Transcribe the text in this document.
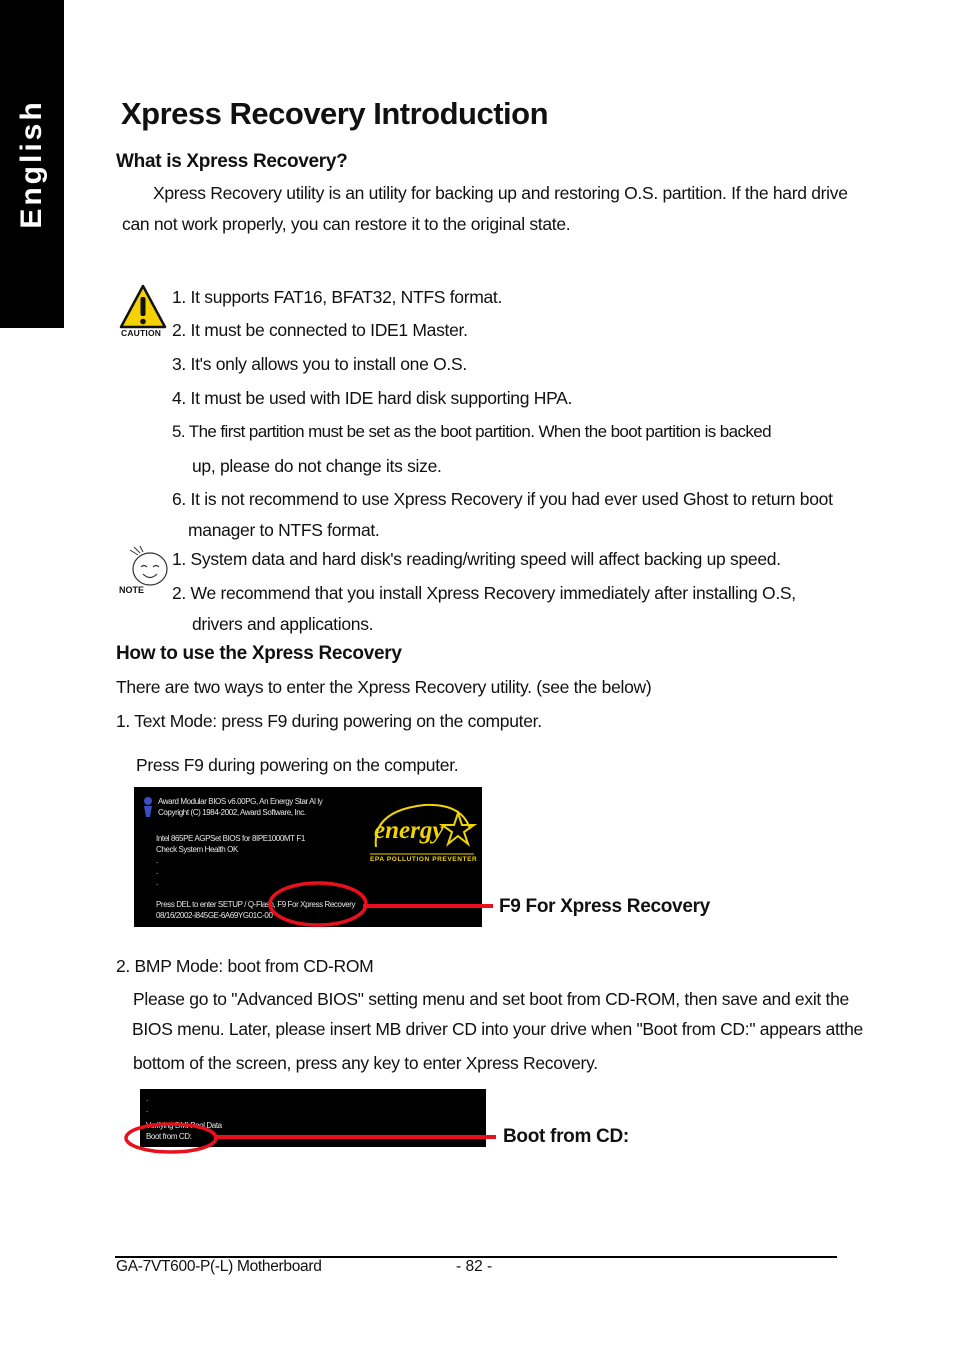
English Xpress Recovery Introduction
What is Xpress Recovery?
Xpress Recovery utility is an utility for backing up and restoring O.S. partition. If the hard drive
can not work properly, you can restore it to the original state.
CAUTION
1. It supports FAT16, BFAT32, NTFS format.
2. It must be connected to IDE1 Master.
3. It's only allows you to install one O.S.
4. It must be used with IDE hard disk supporting HPA.
5. The first partition must be set as the boot partition. When the boot partition is backed
up, please do not change its size.
6. It is not recommend to use Xpress Recovery if you had ever used Ghost to return boot
manager to NTFS format.
NOTE
1. System data and hard disk's reading/writing speed will affect backing up speed.
2. We recommend that you install Xpress Recovery immediately after installing O.S,
drivers and applications.
How to use the Xpress Recovery
There are two ways to enter the Xpress Recovery utility. (see the below)
1. Text Mode: press F9 during powering on the computer.
Press F9 during powering on the computer.
Award Modular BIOS v6.00PG, An Energy Star Al ly
Copyright (C) 1984-2002, Award Software, Inc.
Intel 865PE AGPSet BIOS for 8IPE1000MT F1
Check System Health OK
.
.
.
Press DEL to enter SETUP / Q-Flash, F9 For Xpress Recovery
08/16/2002-i845GE-6A69YG01C-00
energy
EPA POLLUTION PREVENTER
F9 For Xpress Recovery
2. BMP Mode: boot from CD-ROM
Please go to "Advanced BIOS" setting menu and set boot from CD-ROM, then save and exit the
BIOS menu. Later, please insert MB driver CD into your drive when "Boot from CD:" appears atthe
bottom of the screen, press any key to enter Xpress Recovery.
.
.
Verifying DMI Pool Data
Boot from CD:	Boot from CD:
GA-7VT600-P(-L) Motherboard	- 82 -
